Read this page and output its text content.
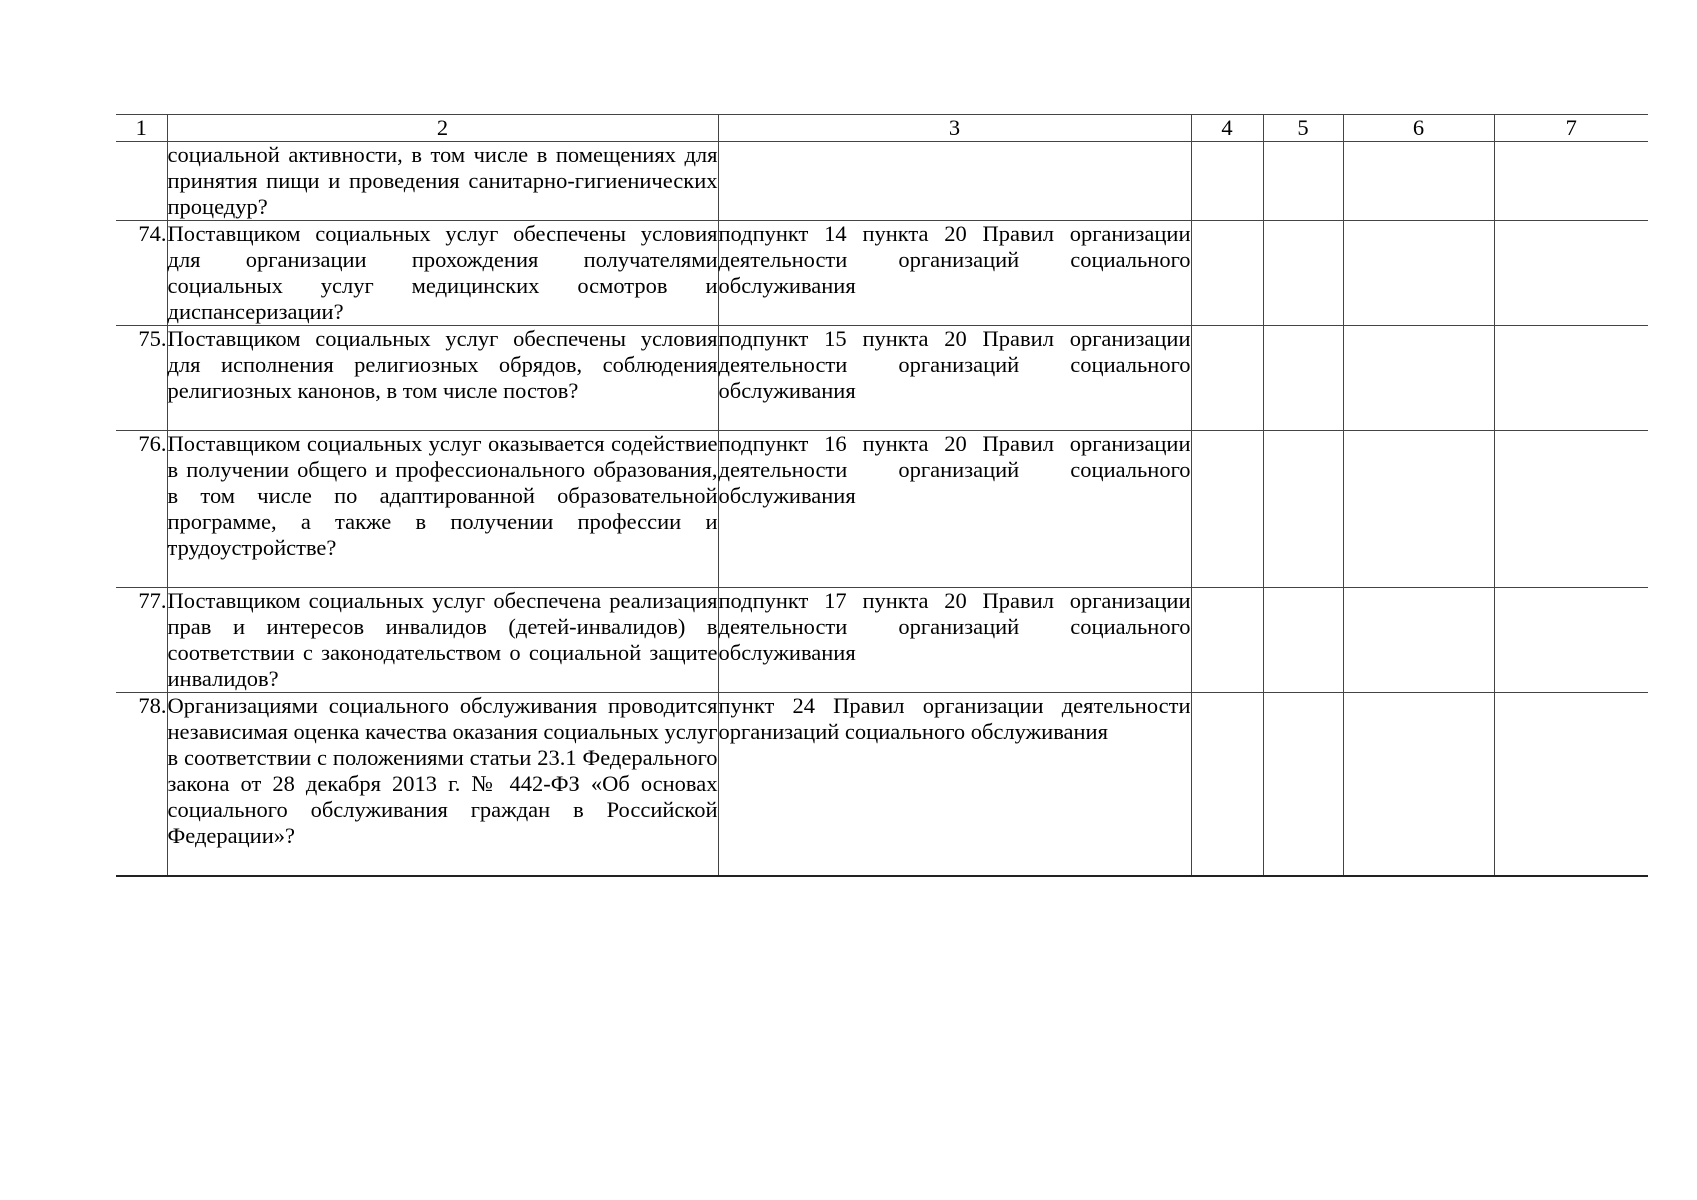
1	2	3	4	5	6	7

	социальной активности, в том числе в помещениях для принятия пищи и проведения санитарно-гигиенических процедур?					

74.	Поставщиком социальных услуг обеспечены условия для организации прохождения получателями социальных услуг медицинских осмотров и диспансеризации?	подпункт 14 пункта 20 Правил организации деятельности организаций социального обслуживания				
75.	Поставщиком социальных услуг обеспечены условия для исполнения религиозных обрядов, соблюдения религиозных канонов, в том числе постов?	подпункт 15 пункта 20 Правил организации деятельности организаций социального обслуживания				
76.	Поставщиком социальных услуг оказывается содействие в получении общего и профессионального образования, в том числе по адаптированной образовательной программе, а также в получении профессии и трудоустройстве?	подпункт 16 пункта 20 Правил организации деятельности организаций социального обслуживания				
77.	Поставщиком социальных услуг обеспечена реализация прав и интересов инвалидов (детей-инвалидов) в соответствии с законодательством о социальной защите инвалидов?	подпункт 17 пункта 20 Правил организации деятельности организаций социального обслуживания				
78.	Организациями социального обслуживания проводится независимая оценка качества оказания социальных услуг в соответствии с положениями статьи 23.1 Федерального закона от 28 декабря 2013 г. № 442-ФЗ «Об основах социального обслуживания граждан в Российской Федерации»?	пункт 24 Правил организации деятельности организаций социального обслуживания				
